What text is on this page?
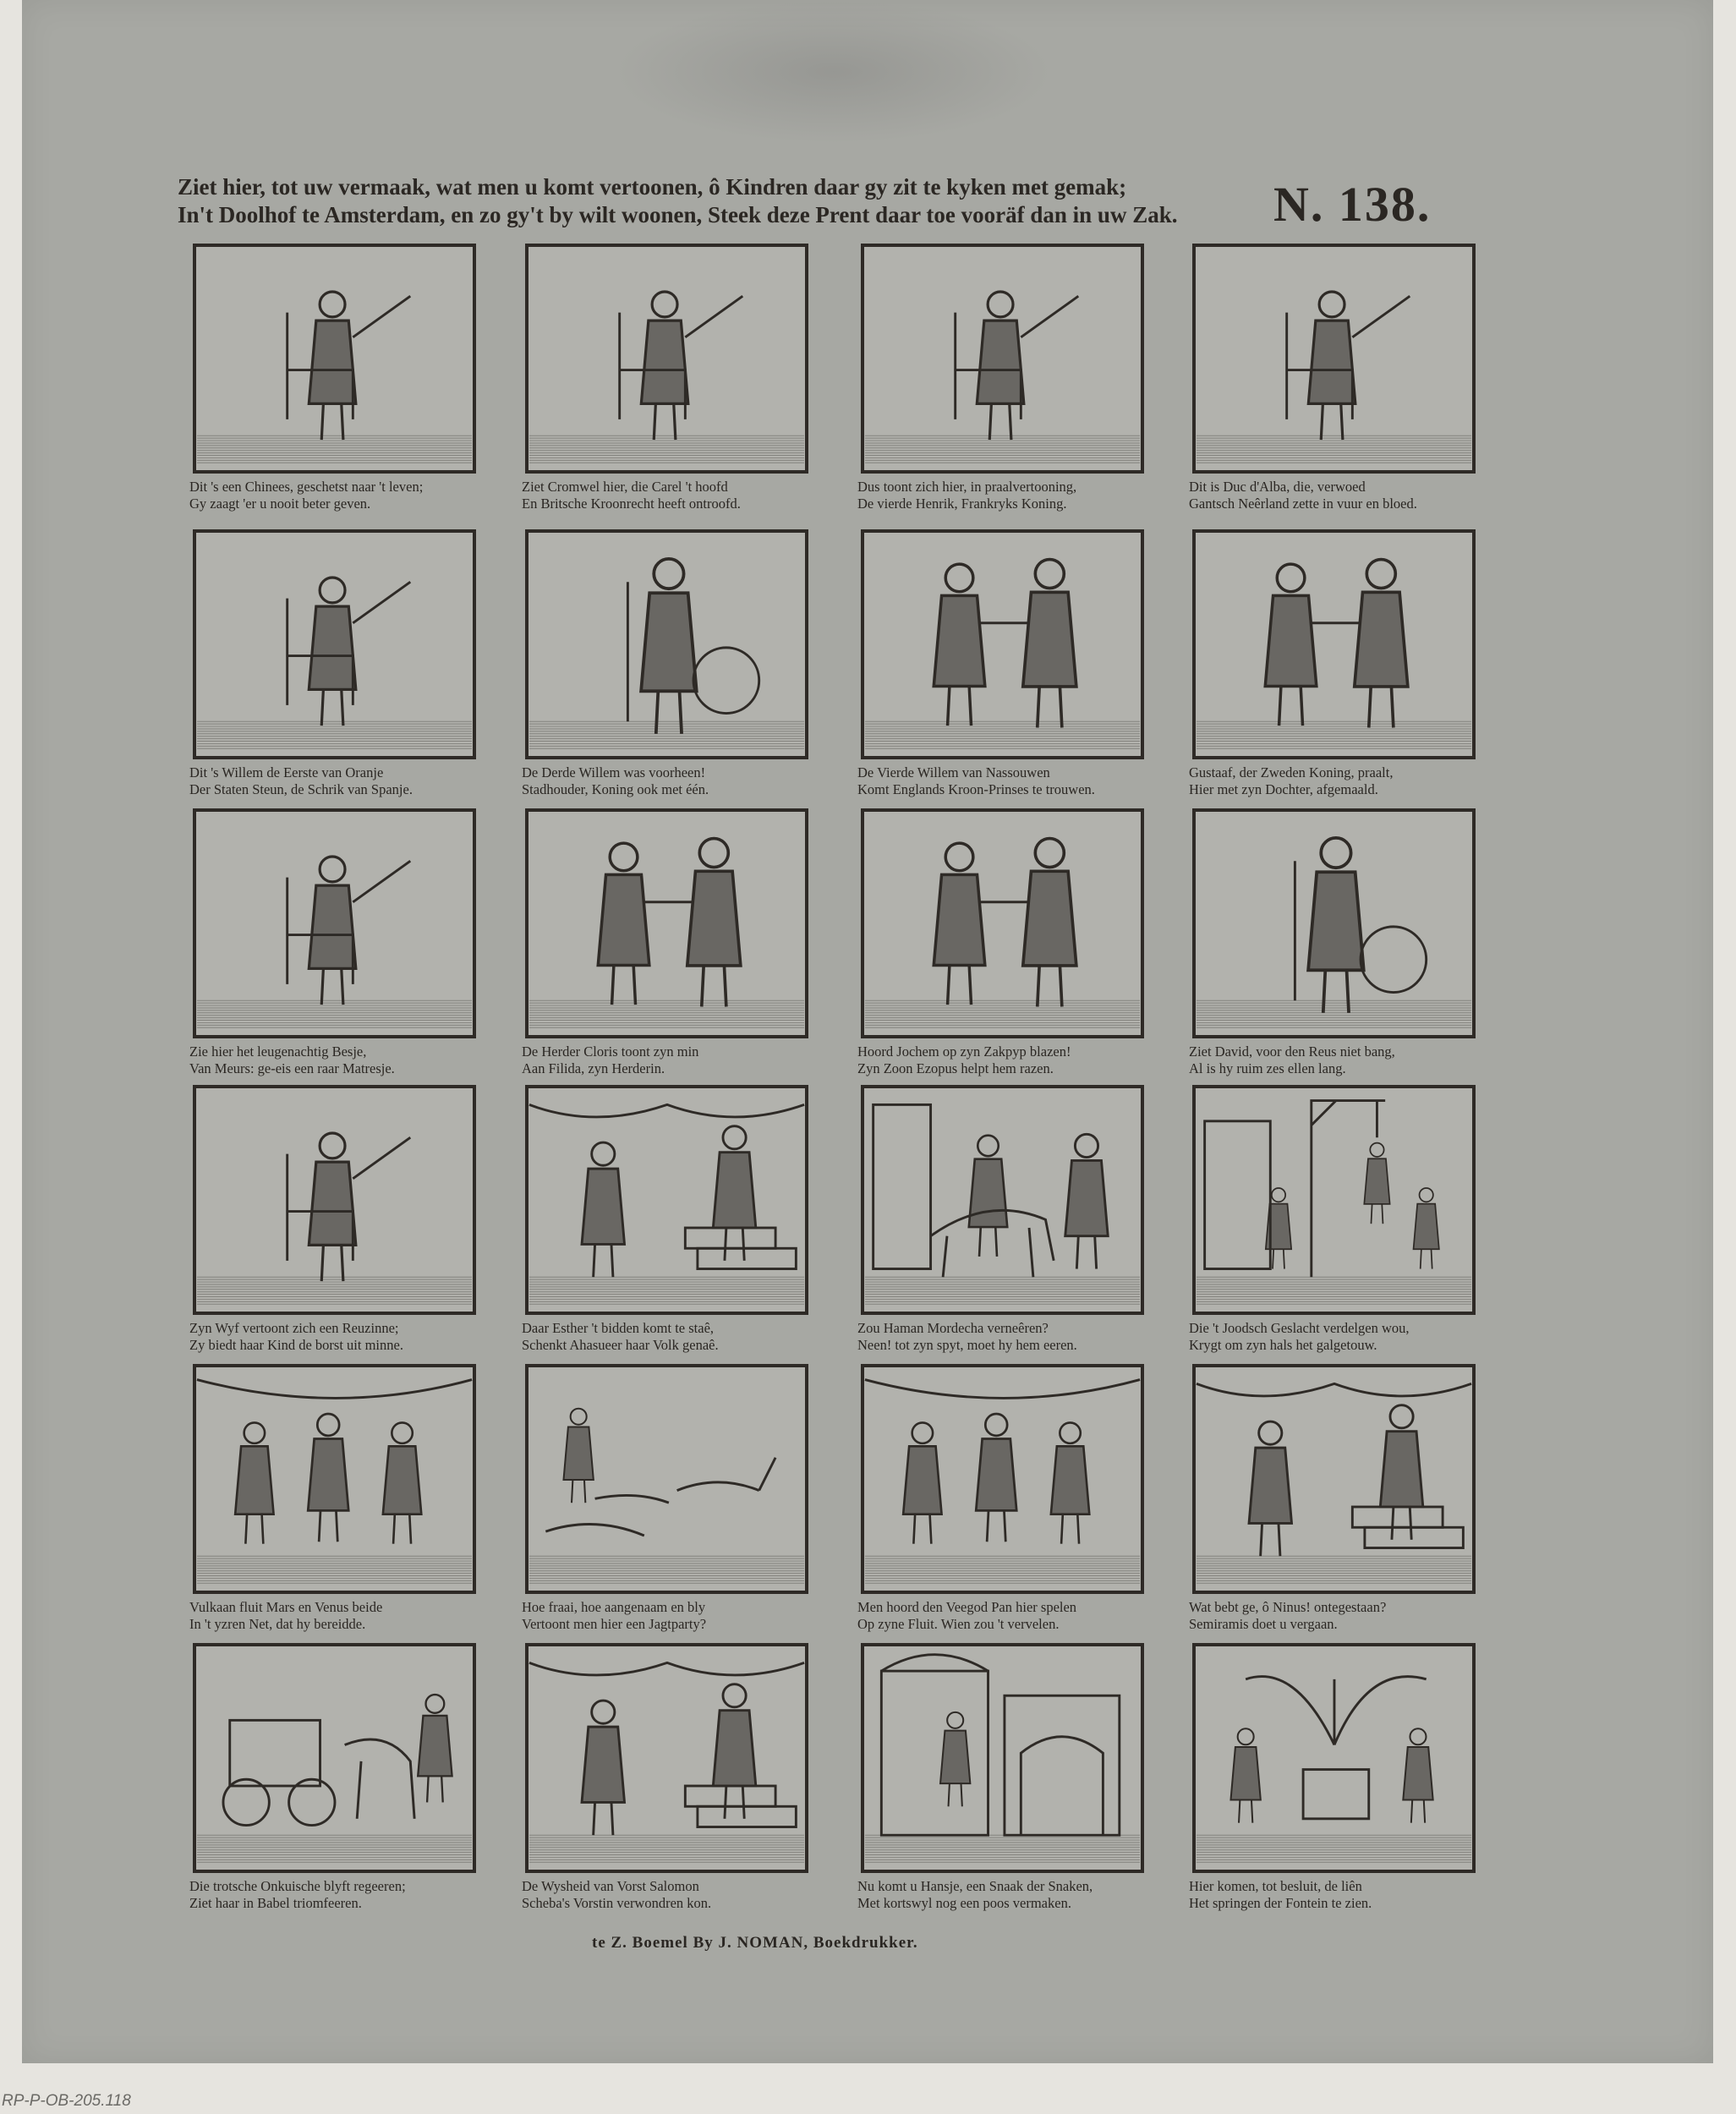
Ziet hier, tot uw vermaak, wat men u komt vertoonen, ô Kindren daar gy zit te kyken met gemak;
In't Doolhof te Amsterdam, en zo gy't by wilt woonen, Steek deze Prent daar toe vooräf dan in uw Zak.	N. 138.
Dit 's een Chinees, geschetst naar 't leven;
Gy zaagt 'er u nooit beter geven.
Ziet Cromwel hier, die Carel 't hoofd
En Britsche Kroonrecht heeft ontroofd.
Dus toont zich hier, in praalvertooning,
De vierde Henrik, Frankryks Koning.
Dit is Duc d'Alba, die, verwoed
Gantsch Neêrland zette in vuur en bloed.
Dit 's Willem de Eerste van Oranje
Der Staten Steun, de Schrik van Spanje.
De Derde Willem was voorheen!
Stadhouder, Koning ook met één.
De Vierde Willem van Nassouwen
Komt Englands Kroon-Prinses te trouwen.
Gustaaf, der Zweden Koning, praalt,
Hier met zyn Dochter, afgemaald.
Zie hier het leugenachtig Besje,
Van Meurs: ge-eis een raar Matresje.
De Herder Cloris toont zyn min
Aan Filida, zyn Herderin.
Hoord Jochem op zyn Zakpyp blazen!
Zyn Zoon Ezopus helpt hem razen.
Ziet David, voor den Reus niet bang,
Al is hy ruim zes ellen lang.
Zyn Wyf vertoont zich een Reuzinne;
Zy biedt haar Kind de borst uit minne.
Daar Esther 't bidden komt te staê,
Schenkt Ahasueer haar Volk genaê.
Zou Haman Mordecha verneêren?
Neen! tot zyn spyt, moet hy hem eeren.
Die 't Joodsch Geslacht verdelgen wou,
Krygt om zyn hals het galgetouw.
Vulkaan fluit Mars en Venus beide
In 't yzren Net, dat hy bereidde.
Hoe fraai, hoe aangenaam en bly
Vertoont men hier een Jagtparty?
Men hoord den Veegod Pan hier spelen
Op zyne Fluit. Wien zou 't vervelen.
Wat bebt ge, ô Ninus! ontegestaan?
Semiramis doet u vergaan.
Die trotsche Onkuische blyft regeeren;
Ziet haar in Babel triomfeeren.
De Wysheid van Vorst Salomon
Scheba's Vorstin verwondren kon.
Nu komt u Hansje, een Snaak der Snaken,
Met kortswyl nog een poos vermaken.
Hier komen, tot besluit, de liên
Het springen der Fontein te zien.
te Z. Boemel By J. NOMAN, Boekdrukker.
RP-P-OB-205.118
